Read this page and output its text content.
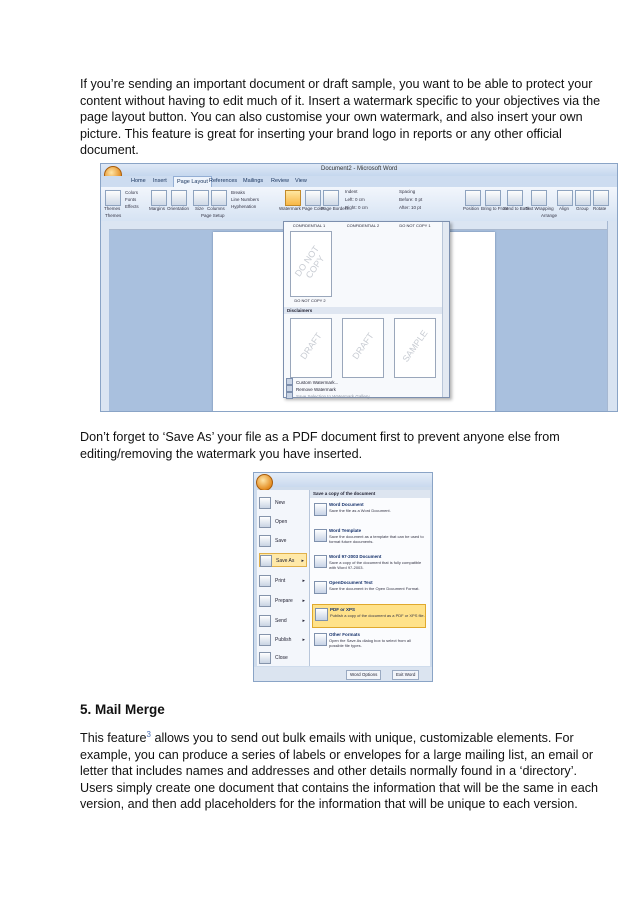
If you’re sending an important document or draft sample, you want to be able to protect your content without having to edit much of it. Insert a watermark specific to your objectives via the page layout button. You can also customise your own watermark, and also insert your own picture. This feature is great for inserting your brand logo in reports or any other official document.
Document2 - Microsoft Word
Home Insert	Page Layout References Mailings Review View
Themes
Colors
Fonts
Effects
Themes
Margins Orientation Size Columns
Breaks
Line Numbers
Hyphenation
Page Setup
Watermark Page Color
Page Borders
Indent
Left: 0 cm
Right: 0 cm
Spacing
Before: 0 pt
After: 10 pt	Position Bring to Front
Send to Back
Text Wrapping
Arrange
Align Group Rotate
CONFIDENTIAL 1	CONFIDENTIAL 2	DO NOT COPY 1
DO NOT COPY
DO NOT COPY 2
Disclaimers
DRAFT	DRAFT	SAMPLE
Custom Watermark...
Remove Watermark
Save Selection to Watermark Gallery...
Don’t forget to ‘Save As’ your file as a PDF document first to prevent anyone else from editing/removing the watermark you have inserted.
New
Open
Save
Save As ▸
Print	▸
Prepare ▸
Send	▸
Publish ▸
Close
Save a copy of the document
Word Document
Save the file as a Word Document.
Word Template
Save the document as a template that can be used to format future documents.
Word 97-2003 Document
Save a copy of the document that is fully compatible with Word 97-2003.
OpenDocument Text
Save the document in the Open Document Format.
PDF or XPS
Publish a copy of the document as a PDF or XPS file.
Other Formats
Open the Save As dialog box to select from all possible file types.
Word Options	Exit Word
5. Mail Merge
This feature$^3$ allows you to send out bulk emails with unique, customizable elements. For example, you can produce a series of labels or envelopes for a large mailing list, an email or letter that includes names and addresses and other details normally found in a ‘directory’. Users simply create one document that contains the information that will be the same in each version, and then add placeholders for the information that will be unique to each version.
